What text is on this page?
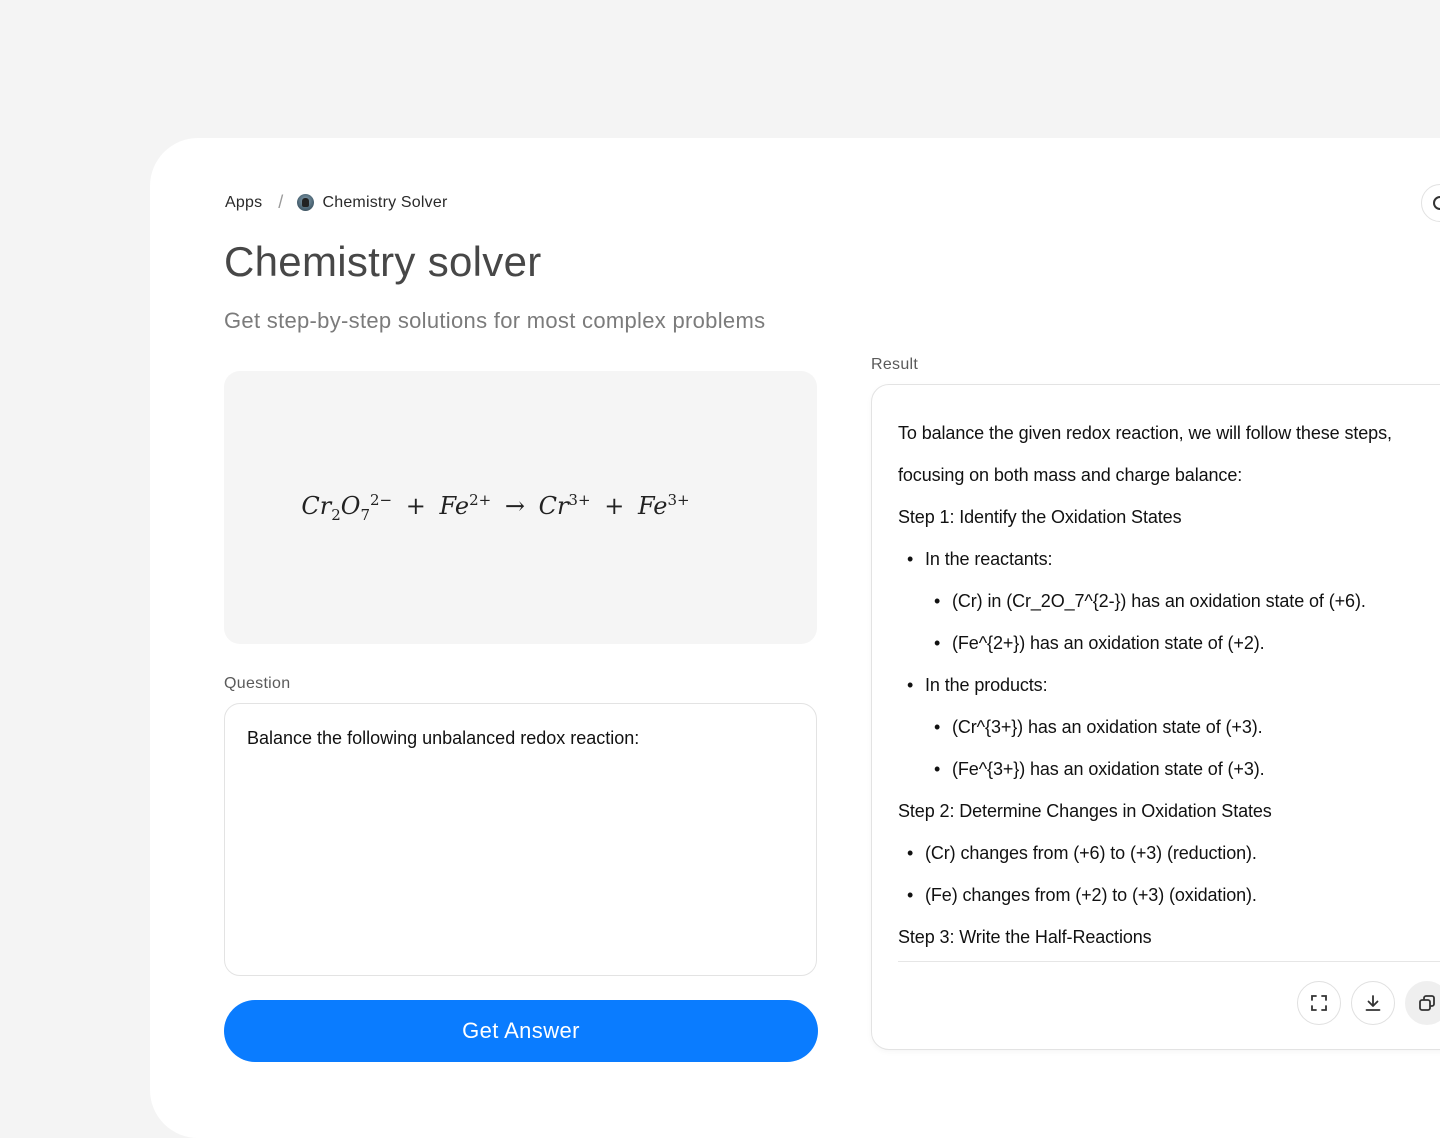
Apps / Chemistry Solver
Chemistry solver

Get step-by-step solutions for most complex problems

$Cr_2O_7^{2-} + Fe^{2+} \to Cr^{3+} + Fe^{3+}$
Question
Balance the following unbalanced redox reaction:
Get Answer
Result
To balance the given redox reaction, we will follow these steps,
focusing on both mass and charge balance:
Step 1: Identify the Oxidation States
• In the reactants:
• (Cr) in (Cr_2O_7^{2-}) has an oxidation state of (+6).
• (Fe^{2+}) has an oxidation state of (+2).
• In the products:
• (Cr^{3+}) has an oxidation state of (+3).
• (Fe^{3+}) has an oxidation state of (+3).
Step 2: Determine Changes in Oxidation States
• (Cr) changes from (+6) to (+3) (reduction).
• (Fe) changes from (+2) to (+3) (oxidation).
Step 3: Write the Half-Reactions
